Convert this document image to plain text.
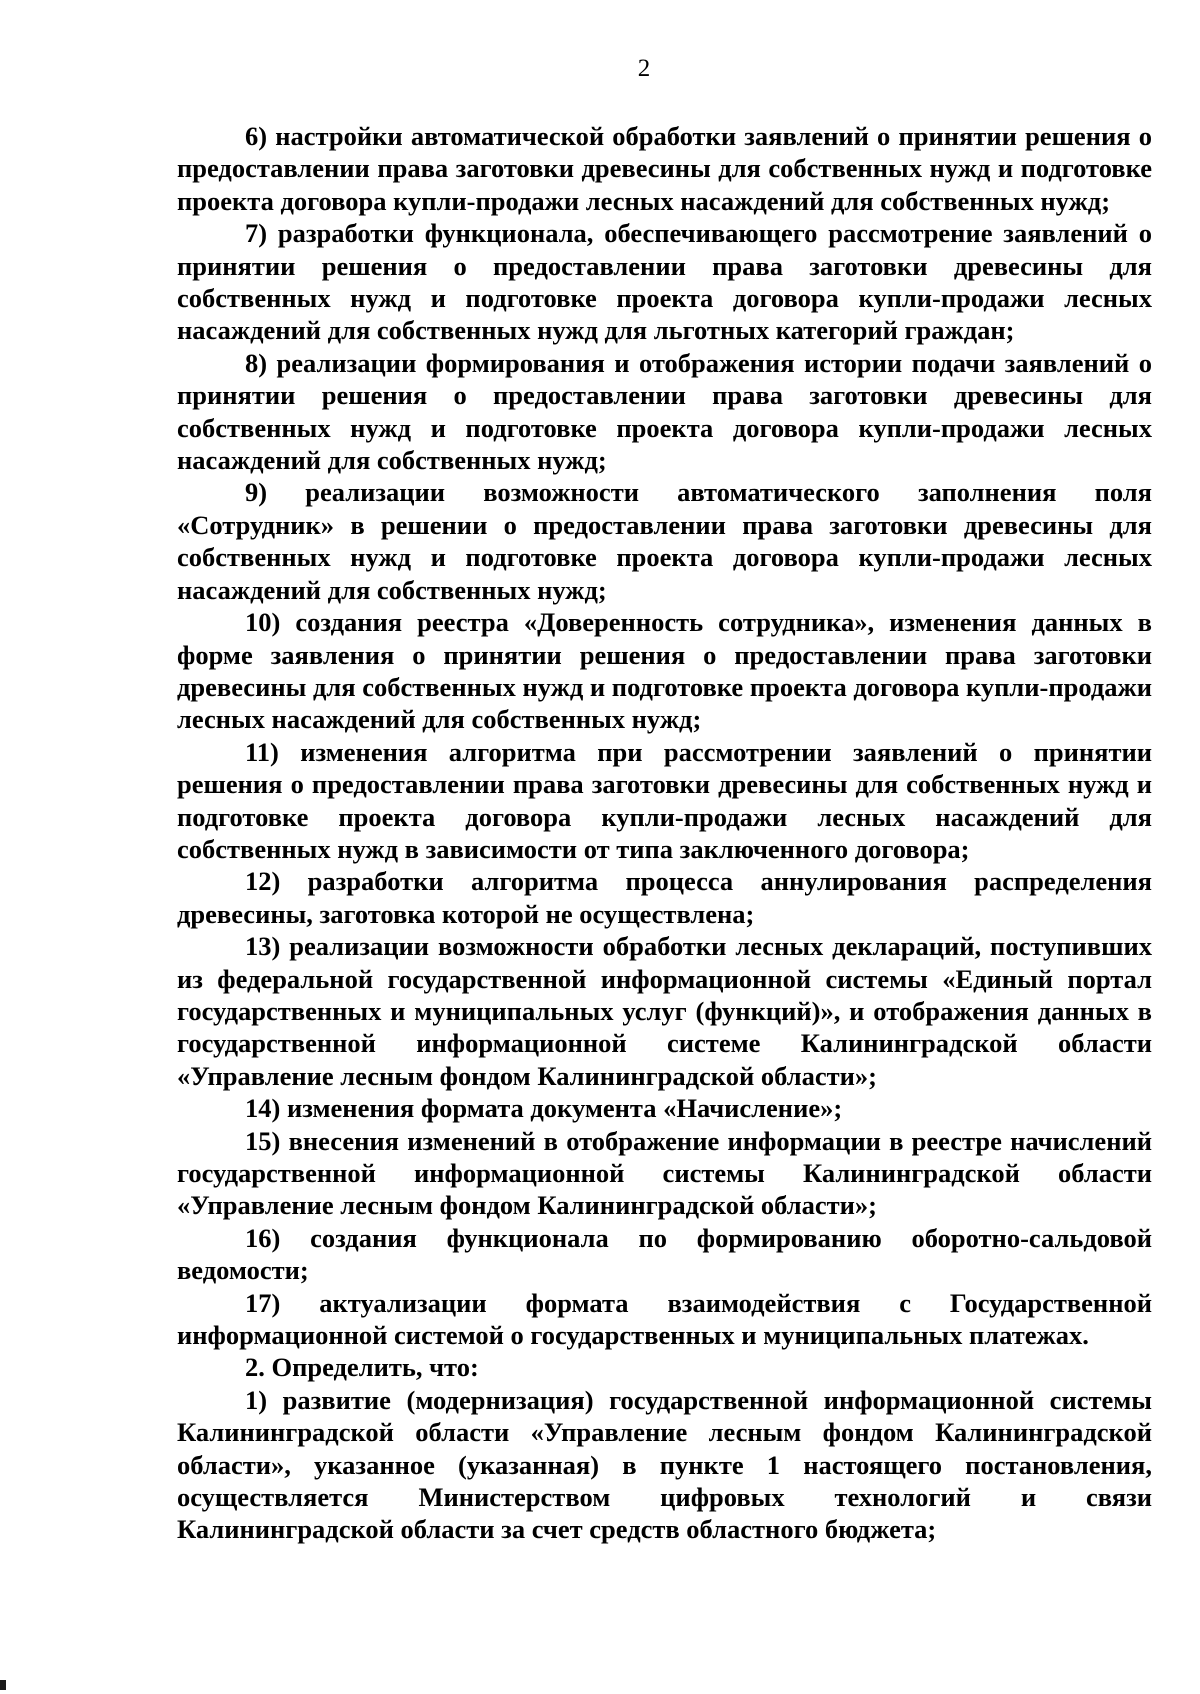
2

6) настройки автоматической обработки заявлений о принятии решения о предоставлении права заготовки древесины для собственных нужд и подготовке проекта договора купли-продажи лесных насаждений для собственных нужд;

7) разработки функционала, обеспечивающего рассмотрение заявлений о принятии решения о предоставлении права заготовки древесины для собственных нужд и подготовке проекта договора купли-продажи лесных насаждений для собственных нужд для льготных категорий граждан;

8) реализации формирования и отображения истории подачи заявлений о принятии решения о предоставлении права заготовки древесины для собственных нужд и подготовке проекта договора купли-продажи лесных насаждений для собственных нужд;

9) реализации возможности автоматического заполнения поля «Сотрудник» в решении о предоставлении права заготовки древесины для собственных нужд и подготовке проекта договора купли-продажи лесных насаждений для собственных нужд;

10) создания реестра «Доверенность сотрудника», изменения данных в форме заявления о принятии решения о предоставлении права заготовки древесины для собственных нужд и подготовке проекта договора купли-продажи лесных насаждений для собственных нужд;

11) изменения алгоритма при рассмотрении заявлений о принятии решения о предоставлении права заготовки древесины для собственных нужд и подготовке проекта договора купли-продажи лесных насаждений для собственных нужд в зависимости от типа заключенного договора;

12) разработки алгоритма процесса аннулирования распределения древесины, заготовка которой не осуществлена;

13) реализации возможности обработки лесных деклараций, поступивших из федеральной государственной информационной системы «Единый портал государственных и муниципальных услуг (функций)», и отображения данных в государственной информационной системе Калининградской области «Управление лесным фондом Калининградской области»;

14) изменения формата документа «Начисление»;

15) внесения изменений в отображение информации в реестре начислений государственной информационной системы Калининградской области «Управление лесным фондом Калининградской области»;

16) создания функционала по формированию оборотно-сальдовой ведомости;

17) актуализации формата взаимодействия с Государственной информационной системой о государственных и муниципальных платежах.

2. Определить, что:

1) развитие (модернизация) государственной информационной системы Калининградской области «Управление лесным фондом Калининградской области», указанное (указанная) в пункте 1 настоящего постановления, осуществляется Министерством цифровых технологий и связи Калининградской области за счет средств областного бюджета;
